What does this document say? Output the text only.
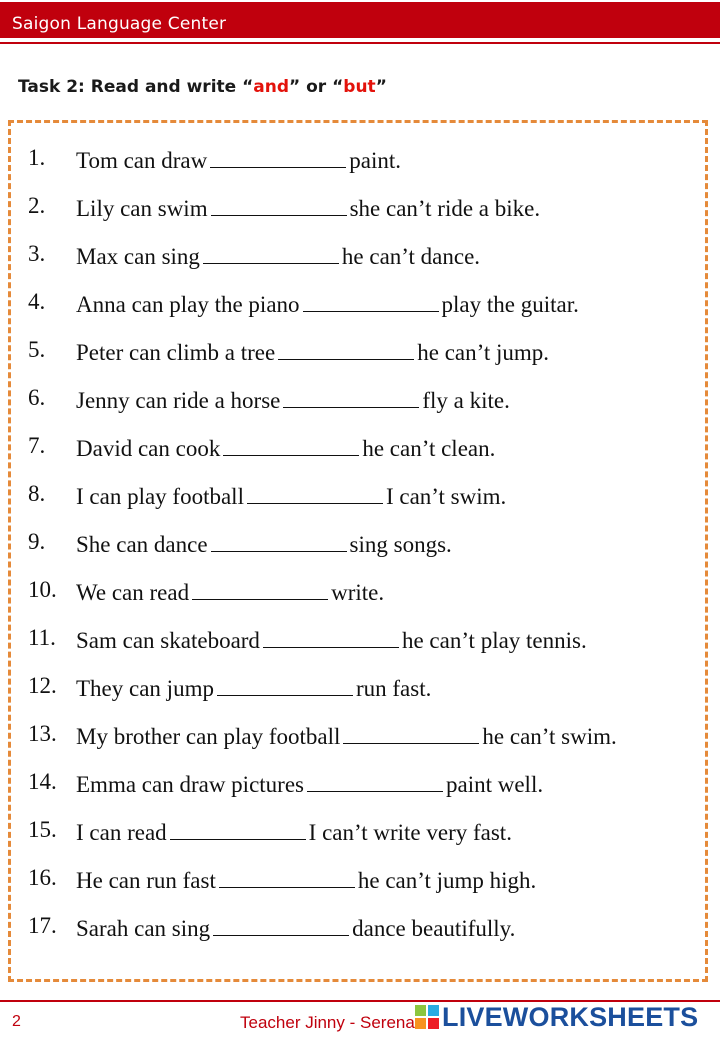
Saigon Language Center
Task 2: Read and write “and” or “but”
1. Tom can draw	paint.
2. Lily can swim	she can’t ride a bike.
3. Max can sing	he can’t dance.
4. Anna can play the piano	play the guitar.
5. Peter can climb a tree	he can’t jump.
6. Jenny can ride a horse	fly a kite.
7. David can cook	he can’t clean.
8. I can play football	I can’t swim.
9. She can dance	sing songs.
10. We can read	write.
11. Sam can skateboard	he can’t play tennis.
12. They can jump	run fast.
13. My brother can play football	he can’t swim.
14. Emma can draw pictures	paint well.
15. I can read	I can’t write very fast.
16. He can run fast	he can’t jump high.
17. Sarah can sing	dance beautifully.
2	Teacher Jinny - Serena LIVEWORKSHEETS
